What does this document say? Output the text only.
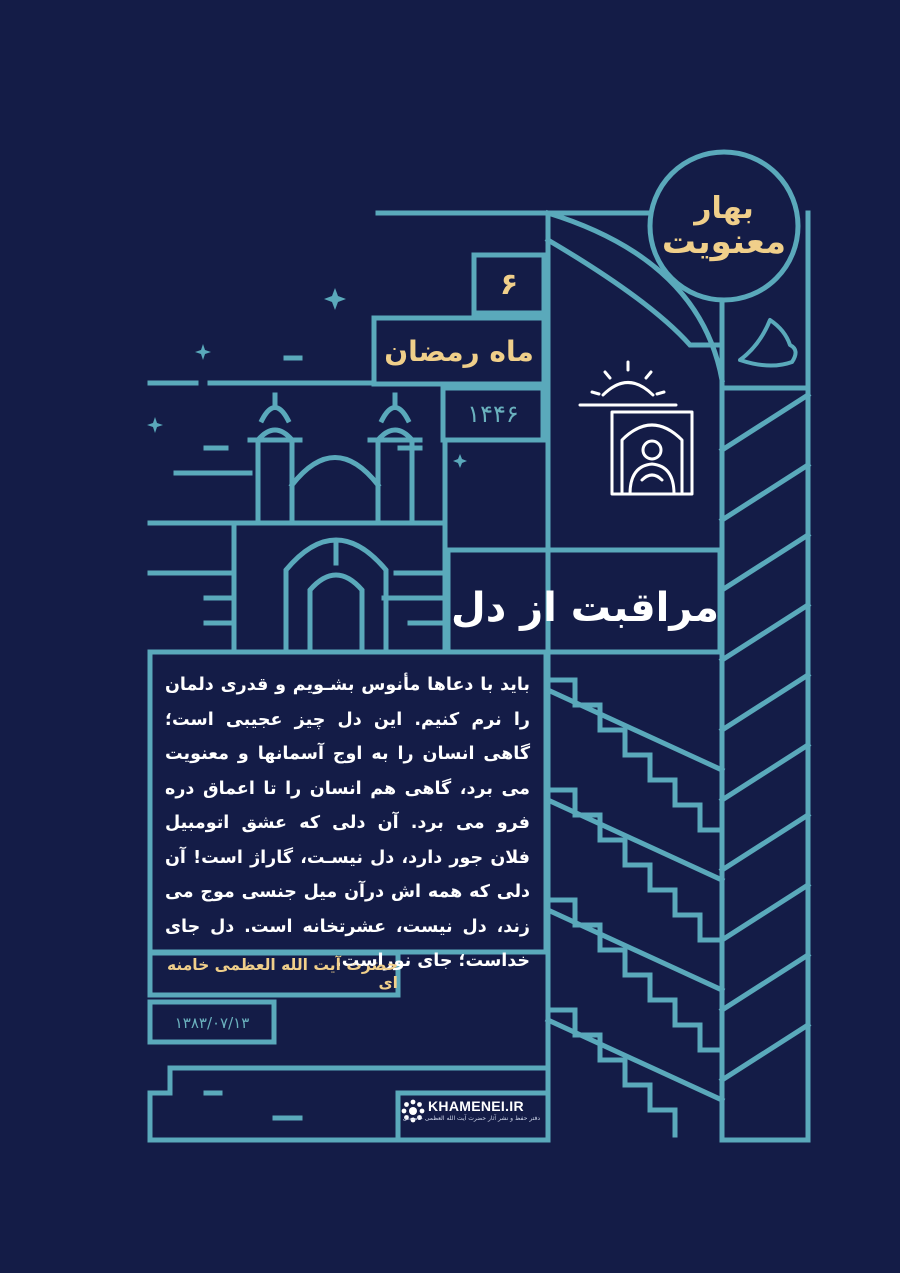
بهار
معنویت
۶
ماه رمضان
۱۴۴۶
مراقبت از دل
باید با دعاها مأنوس بشـویم و قدری دلمان را نرم کنیم. این دل چیز عجیبی است؛ گاهی انسان را به اوج آسمانها و معنویت می برد، گاهی هم انسان را تا اعماق دره فرو می برد. آن دلی که عشق اتومبیل فلان جور دارد، دل نیسـت، گاراژ است! آن دلی که همه اش درآن میل جنسی موج می زند، دل نیست، عشرتخانه است. دل جای خداست؛ جای نوراست.
حضرت آیت الله العظمی خامنه ای
۱۳۸۳/۰۷/۱۳
KHAMENEI.IR
دفتر حفظ و نشر آثار حضرت آیت الله العظمی خامنه‌ای
